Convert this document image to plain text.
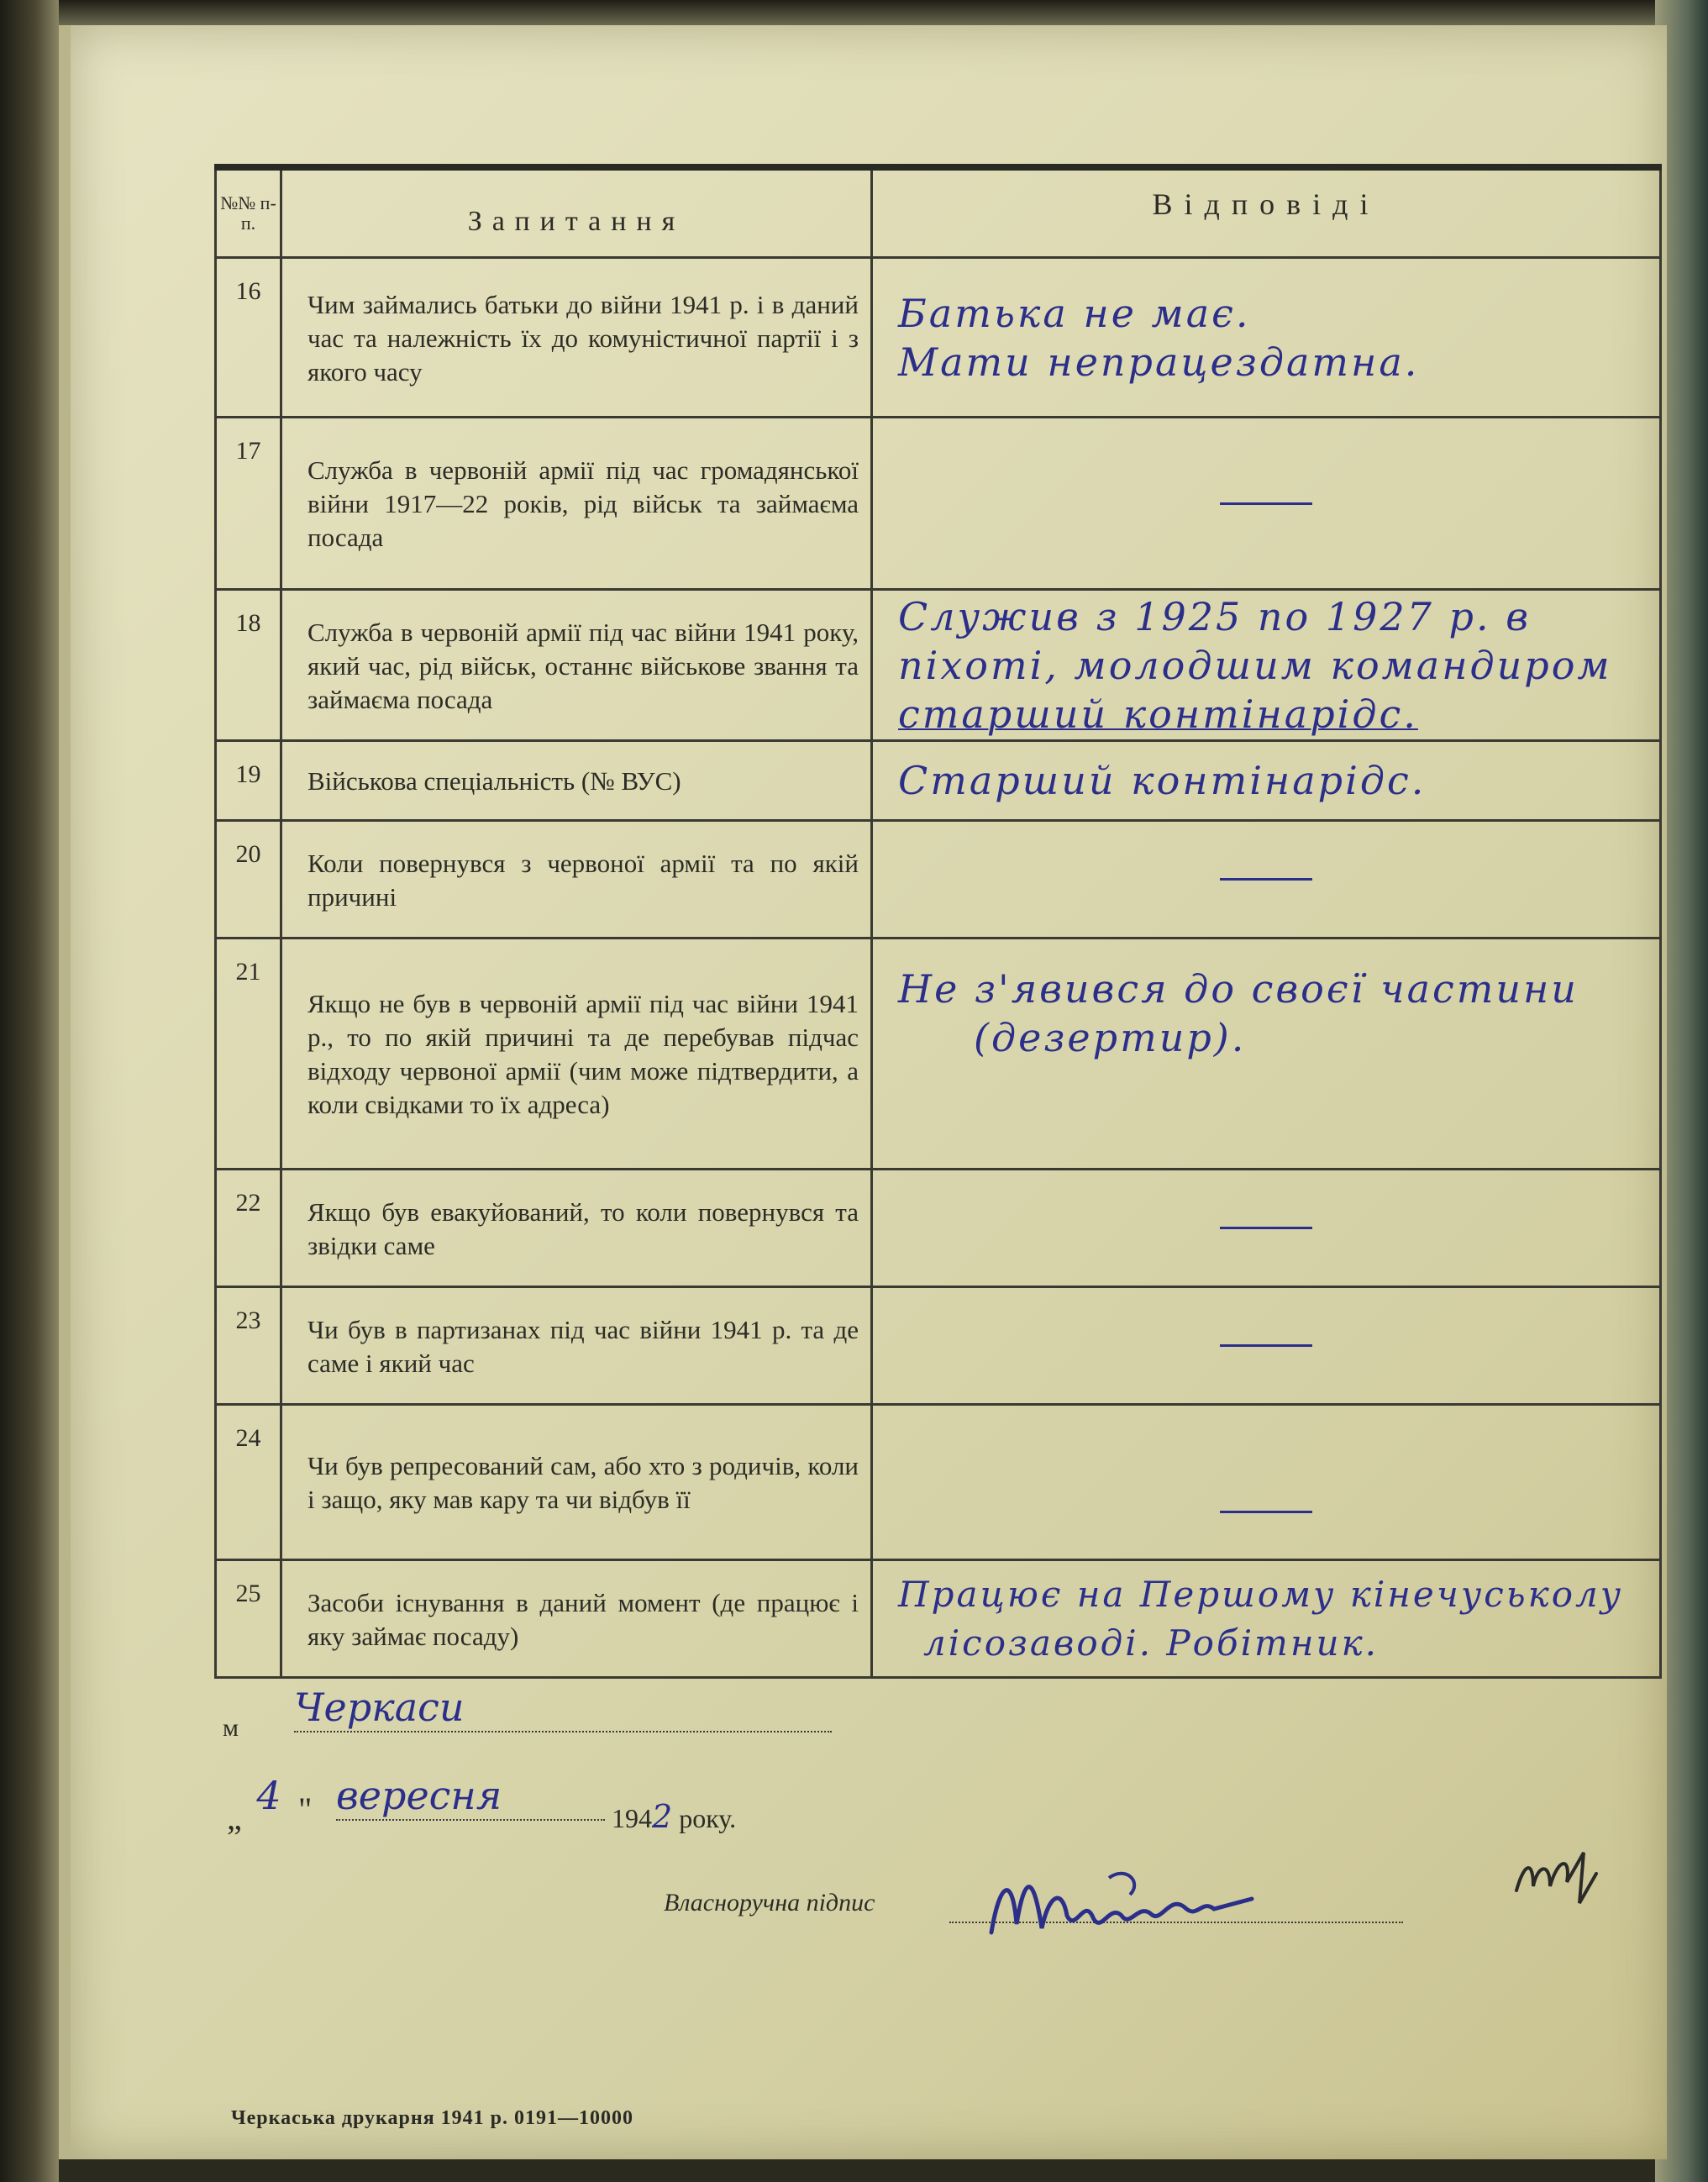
№№ п-п.	Запитання	Відповіді
16	Чим займались батьки до війни 1941 р. і в даний час та належність їх до комуністичної партії і з якого часу	Батька не має.
Мати непрацездатна.

17	Служба в червоній армії під час громадянської війни 1917—22 років, рід військ та займаєма посада	

18	Служба в червоній армії під час війни 1941 року, який час, рід військ, останнє військове звання та займаєма посада	Служив з 1925 по 1927 р. в
піхоті, молодшим командиром
старший контінарідс.

19	Військова спеціальність (№ ВУС)	Старший контінарідс.

20	Коли повернувся з червоної армії та по якій причині	

21	Якщо не був в червоній армії під час війни 1941 р., то по якій причині та де перебував підчас відходу червоної армії (чим може підтвердити, а коли свідками то їх адреса)	Не з'явився до своєї частини
(дезертир).

22	Якщо був евакуйований, то коли повернувся та звідки саме	

23	Чи був в партизанах під час війни 1941 р. та де саме і який час	

24	Чи був репресований сам, або хто з родичів, коли і защо, яку мав кару та чи відбув її	

25	Засоби існування в даний момент (де працює і яку займає посаду)	Працює на Першому кінечуськолу
лісозаводі. Робітник.
м Черкаси
„ 4 " вересня	1942 року.
Власноручна підпис
Черкаська друкарня 1941 р. 0191—10000
